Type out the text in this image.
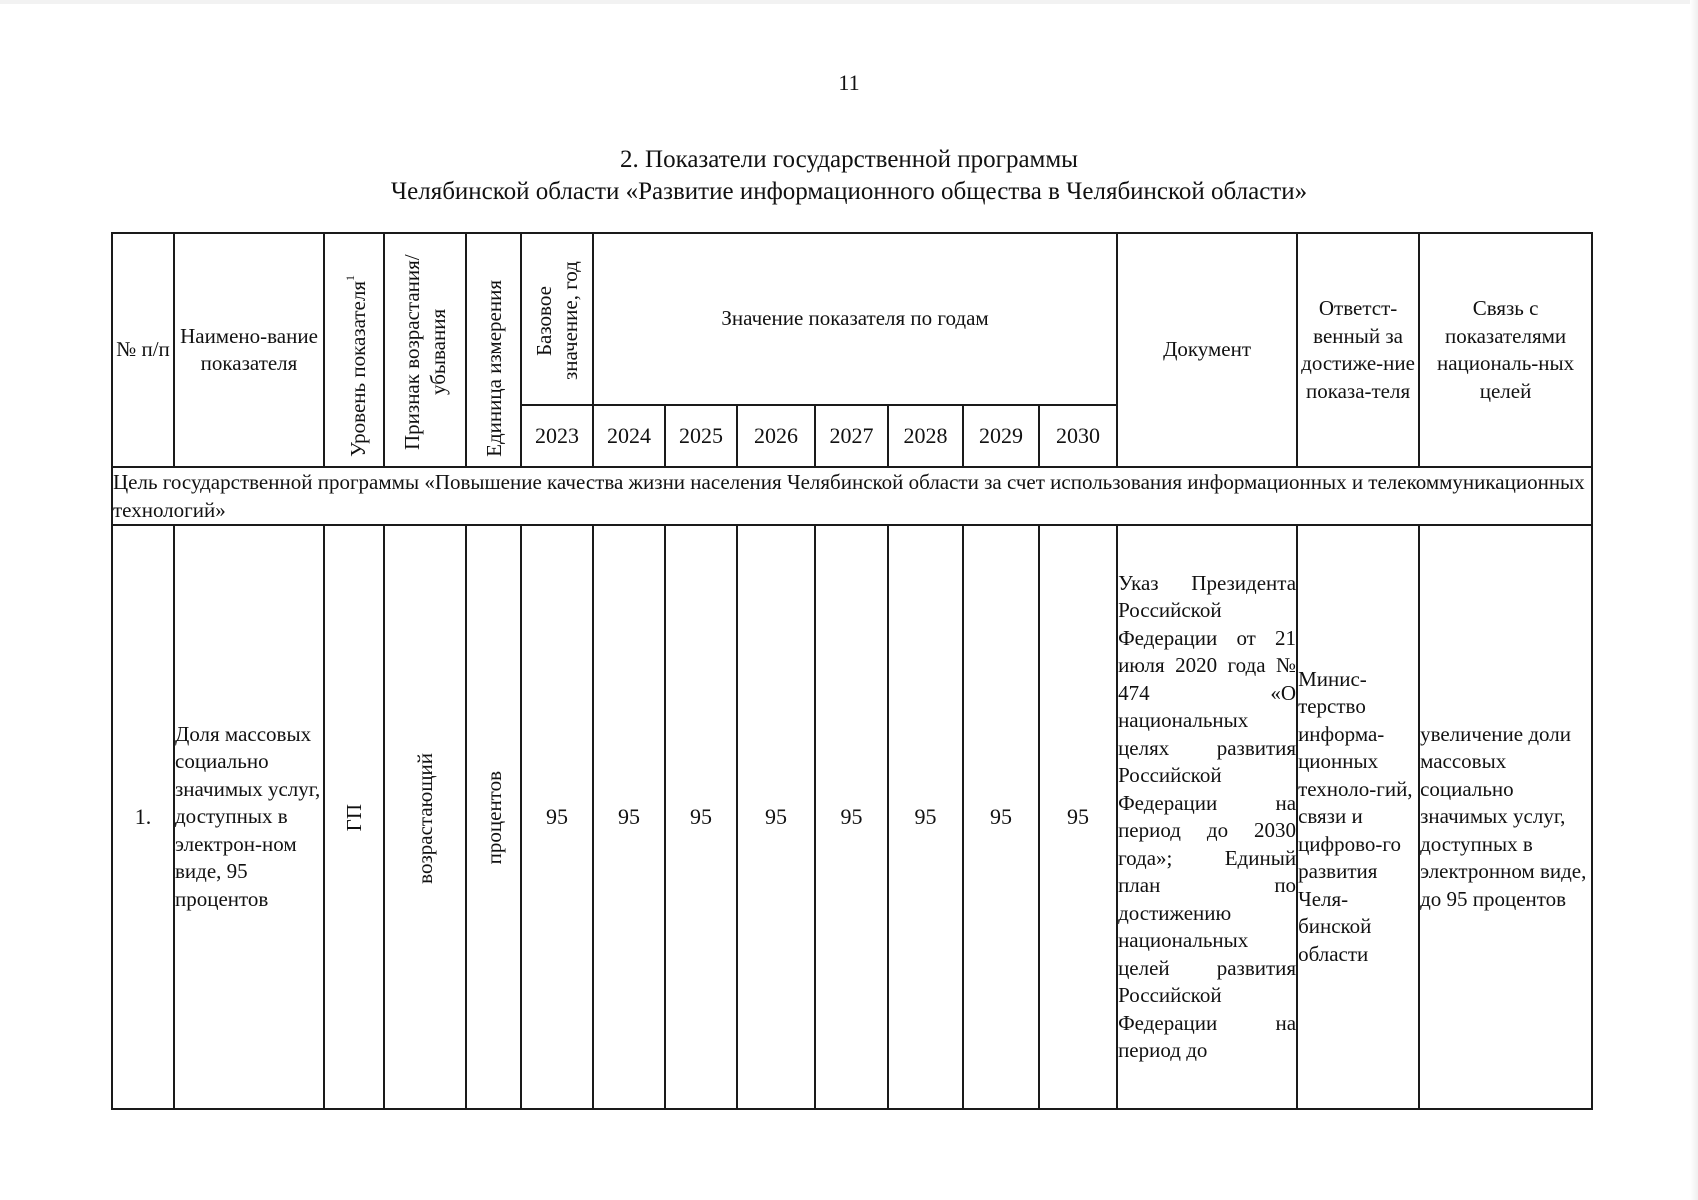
11
2. Показатели государственной программы
Челябинской области «Развитие информационного общества в Челябинской области»
№ п/п	Наимено-вание показателя	Уровень показателя$^1$	Признак возрастания/ убывания	Единица измерения	Базовое значение, год	Значение показателя по годам							Документ	Ответст-венный за достиже-ние показа-теля	Связь с показателями националь-ных целей
					2023	2024	2025	2026	2027	2028	2029	2030			
Цель государственной программы «Повышение качества жизни населения Челябинской области за счет использования информационных и телекоммуникационных технологий»															
1.	Доля массовых социально значимых услуг, доступных в электрон-ном виде, 95 процентов	ГП	возрастающий	процентов	95	95	95	95	95	95	95	95	Указ Президента Российской Федерации от 21 июля 2020 года № 474 «О национальных целях развития Российской Федерации на период до 2030 года»; Единый план по достижению национальных целей развития Российской Федерации на период до	Минис-терство информа-ционных техноло-гий, связи и цифрово-го развития Челя-бинской области	увеличение доли массовых социально значимых услуг, доступных в электронном виде, до 95 процентов
